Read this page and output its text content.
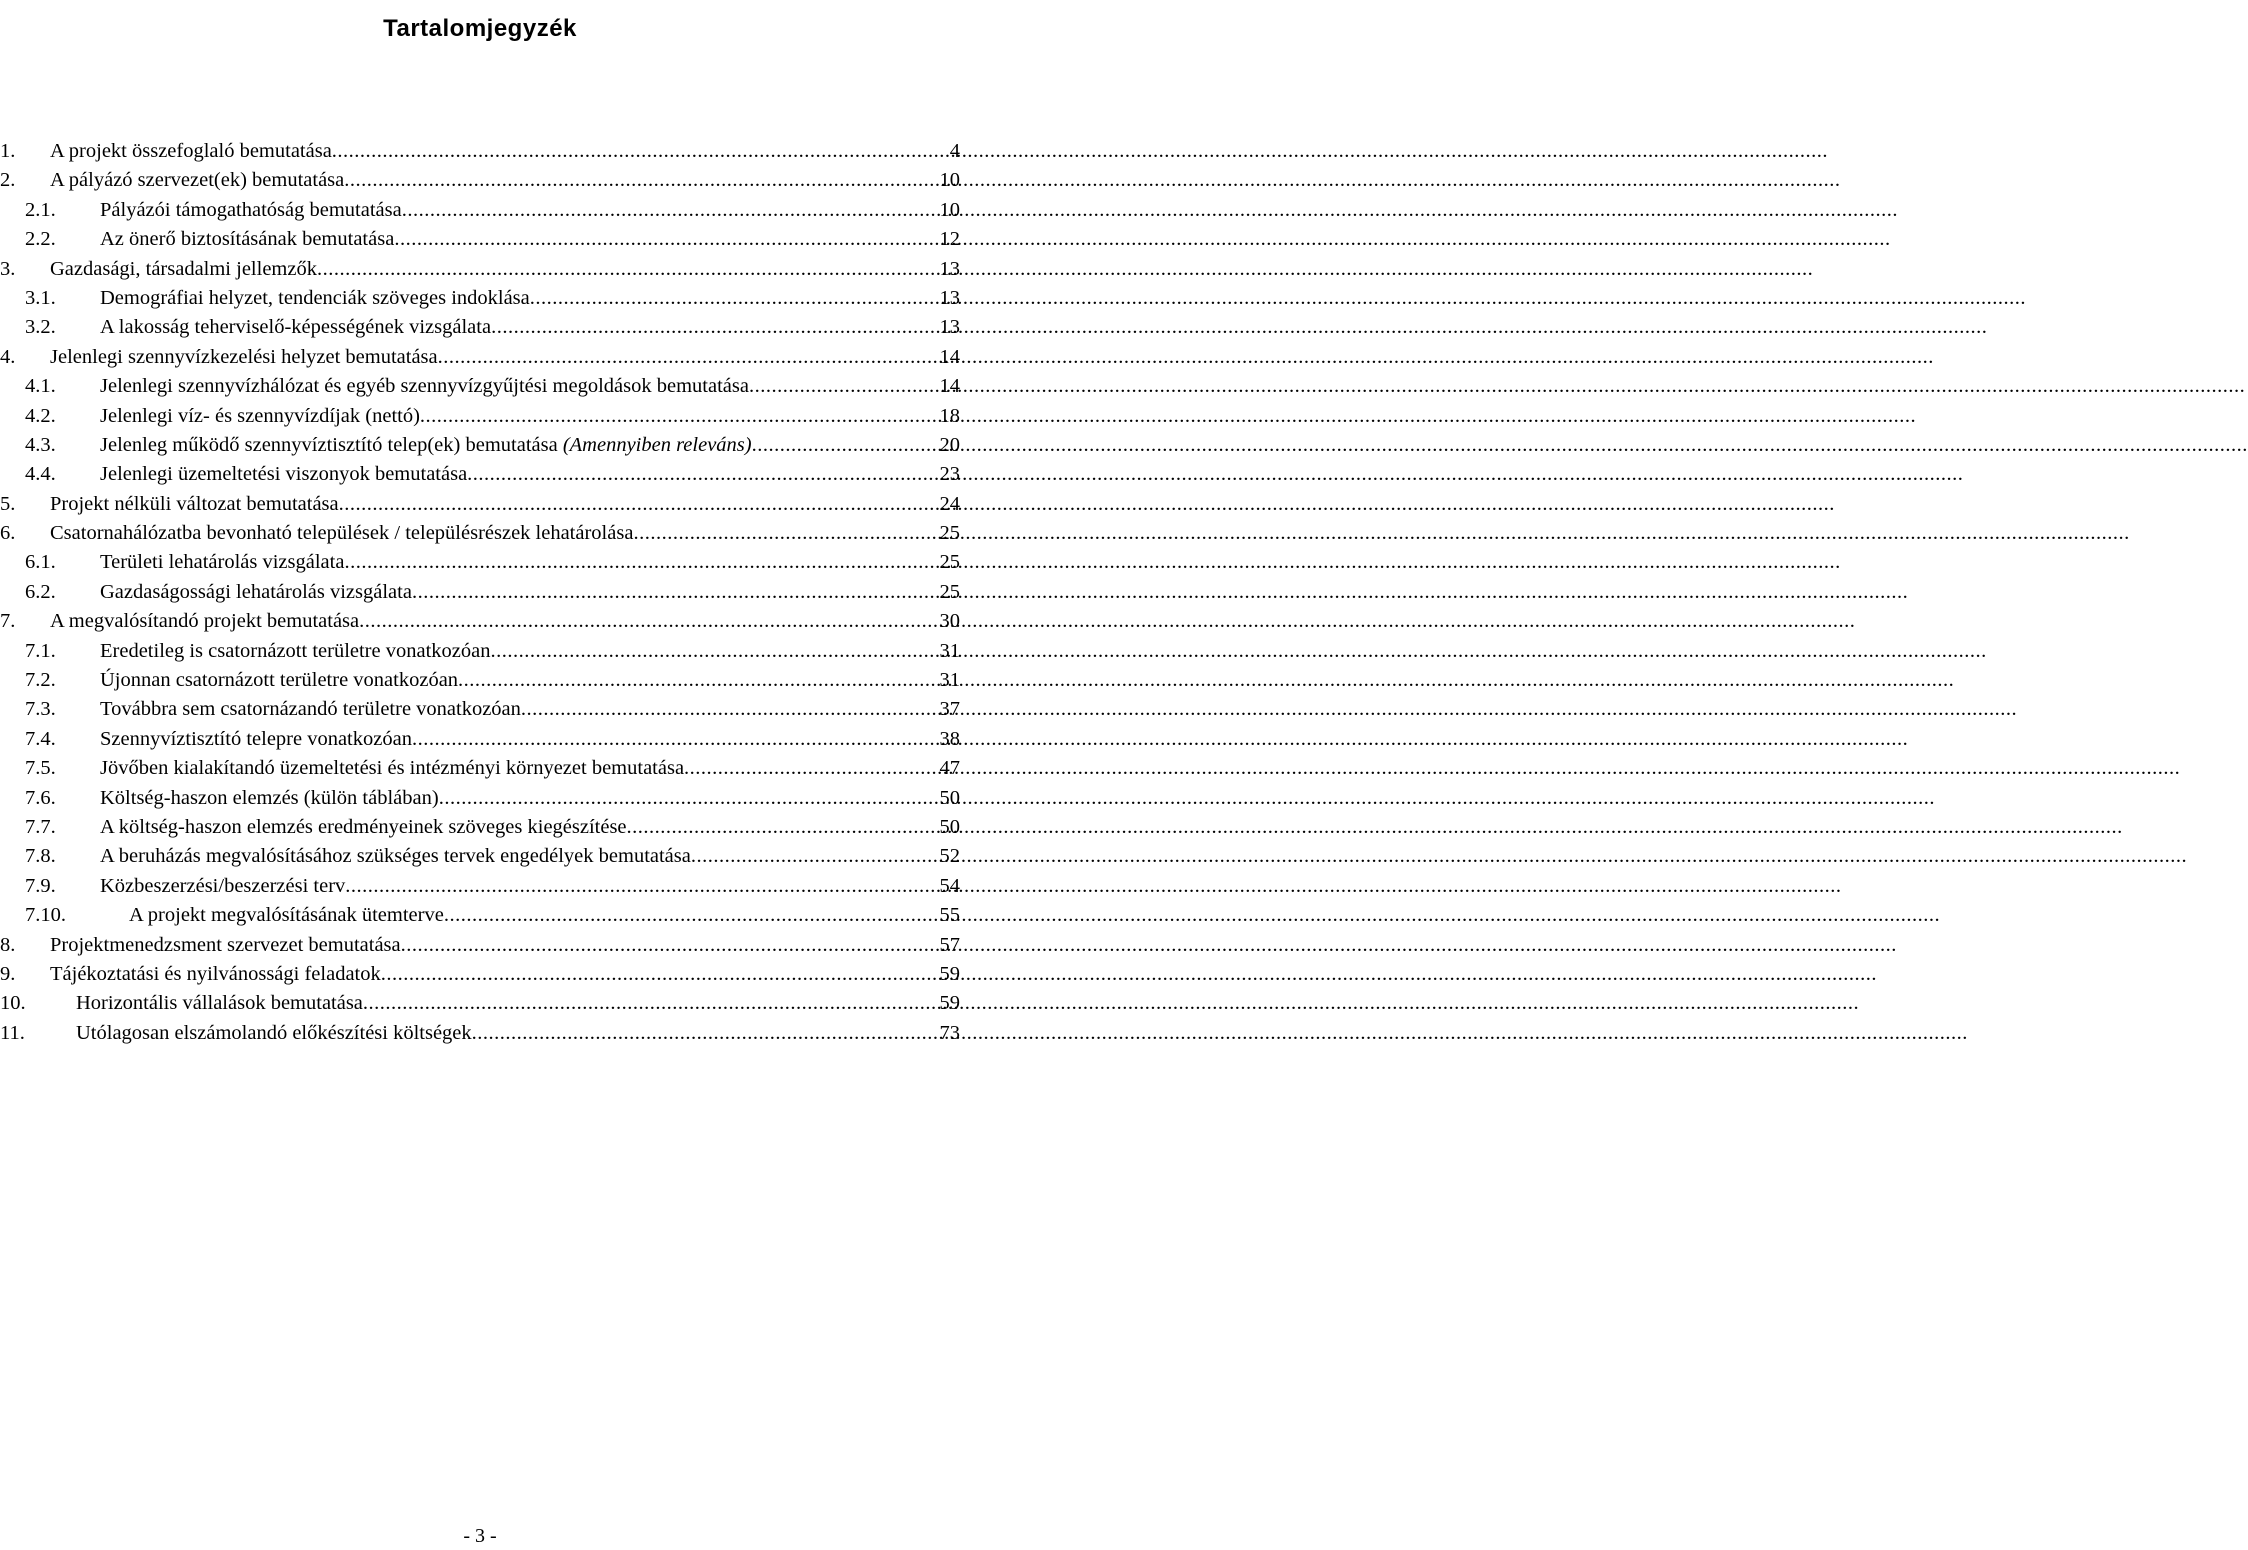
Tartalomjegyzék
1.	A projekt összefoglaló bemutatása .....	4
2.	A pályázó szervezet(ek) bemutatása .....	10
2.1.	Pályázói támogathatóság bemutatása .....	10
2.2.	Az önerő biztosításának bemutatása .....	12
3.	Gazdasági, társadalmi jellemzők .....	13
3.1.	Demográfiai helyzet, tendenciák szöveges indoklása .....	13
3.2.	A lakosság teherviselő-képességének vizsgálata .....	13
4.	Jelenlegi szennyvízkezelési helyzet bemutatása .....	14
4.1.	Jelenlegi szennyvízhálózat és egyéb szennyvízgyűjtési megoldások bemutatása .....	14
4.2.	Jelenlegi víz- és szennyvízdíjak (nettó) .....	18
4.3.	Jelenleg működő szennyvíztisztító telep(ek) bemutatása (Amennyiben releváns) .....	20
4.4.	Jelenlegi üzemeltetési viszonyok bemutatása .....	23
5.	Projekt nélküli változat bemutatása .....	24
6.	Csatornahálózatba bevonható települések / településrészek lehatárolása .....	25
6.1.	Területi lehatárolás vizsgálata .....	25
6.2.	Gazdaságossági lehatárolás vizsgálata .....	25
7.	A megvalósítandó projekt bemutatása .....	30
7.1.	Eredetileg is csatornázott területre vonatkozóan .....	31
7.2.	Újonnan csatornázott területre vonatkozóan .....	31
7.3.	Továbbra sem csatornázandó területre vonatkozóan .....	37
7.4.	Szennyvíztisztító telepre vonatkozóan .....	38
7.5.	Jövőben kialakítandó üzemeltetési és intézményi környezet bemutatása .....	47
7.6.	Költség-haszon elemzés (külön táblában) .....	50
7.7.	A költség-haszon elemzés eredményeinek szöveges kiegészítése .....	50
7.8.	A beruházás megvalósításához szükséges tervek engedélyek bemutatása .....	52
7.9.	Közbeszerzési/beszerzési terv .....	54
7.10.	A projekt megvalósításának ütemterve .....	55
8.	Projektmenedzsment szervezet bemutatása .....	57
9.	Tájékoztatási és nyilvánossági feladatok .....	59
10.	Horizontális vállalások bemutatása .....	59
11.	Utólagosan elszámolandó előkészítési költségek .....	73
- 3 -
